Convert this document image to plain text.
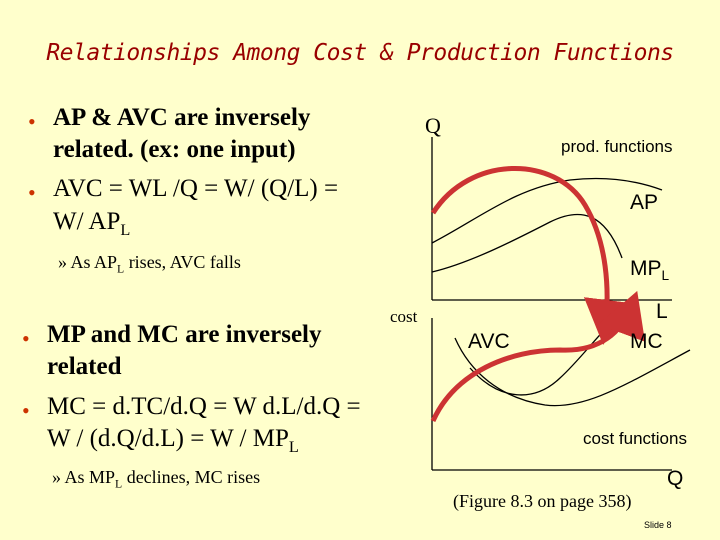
Relationships Among Cost & Production Functions
• AP & AVC are inversely
related. (ex: one input)
• AVC = WL /Q = W/ (Q/L) =
W/ $AP_L$
» As $AP_L$ rises, AVC falls
• MP and MC are inversely
related
• MC = d.TC/d.Q = W d.L/d.Q =
$W / (d.Q/d.L) = W / MP_L$
» As $MP_L$ declines, MC rises
Q
prod. functions
AP
$MP_L$
L
cost
AVC	MC
cost functions
Q
(Figure 8.3 on page 358)
Slide 8
